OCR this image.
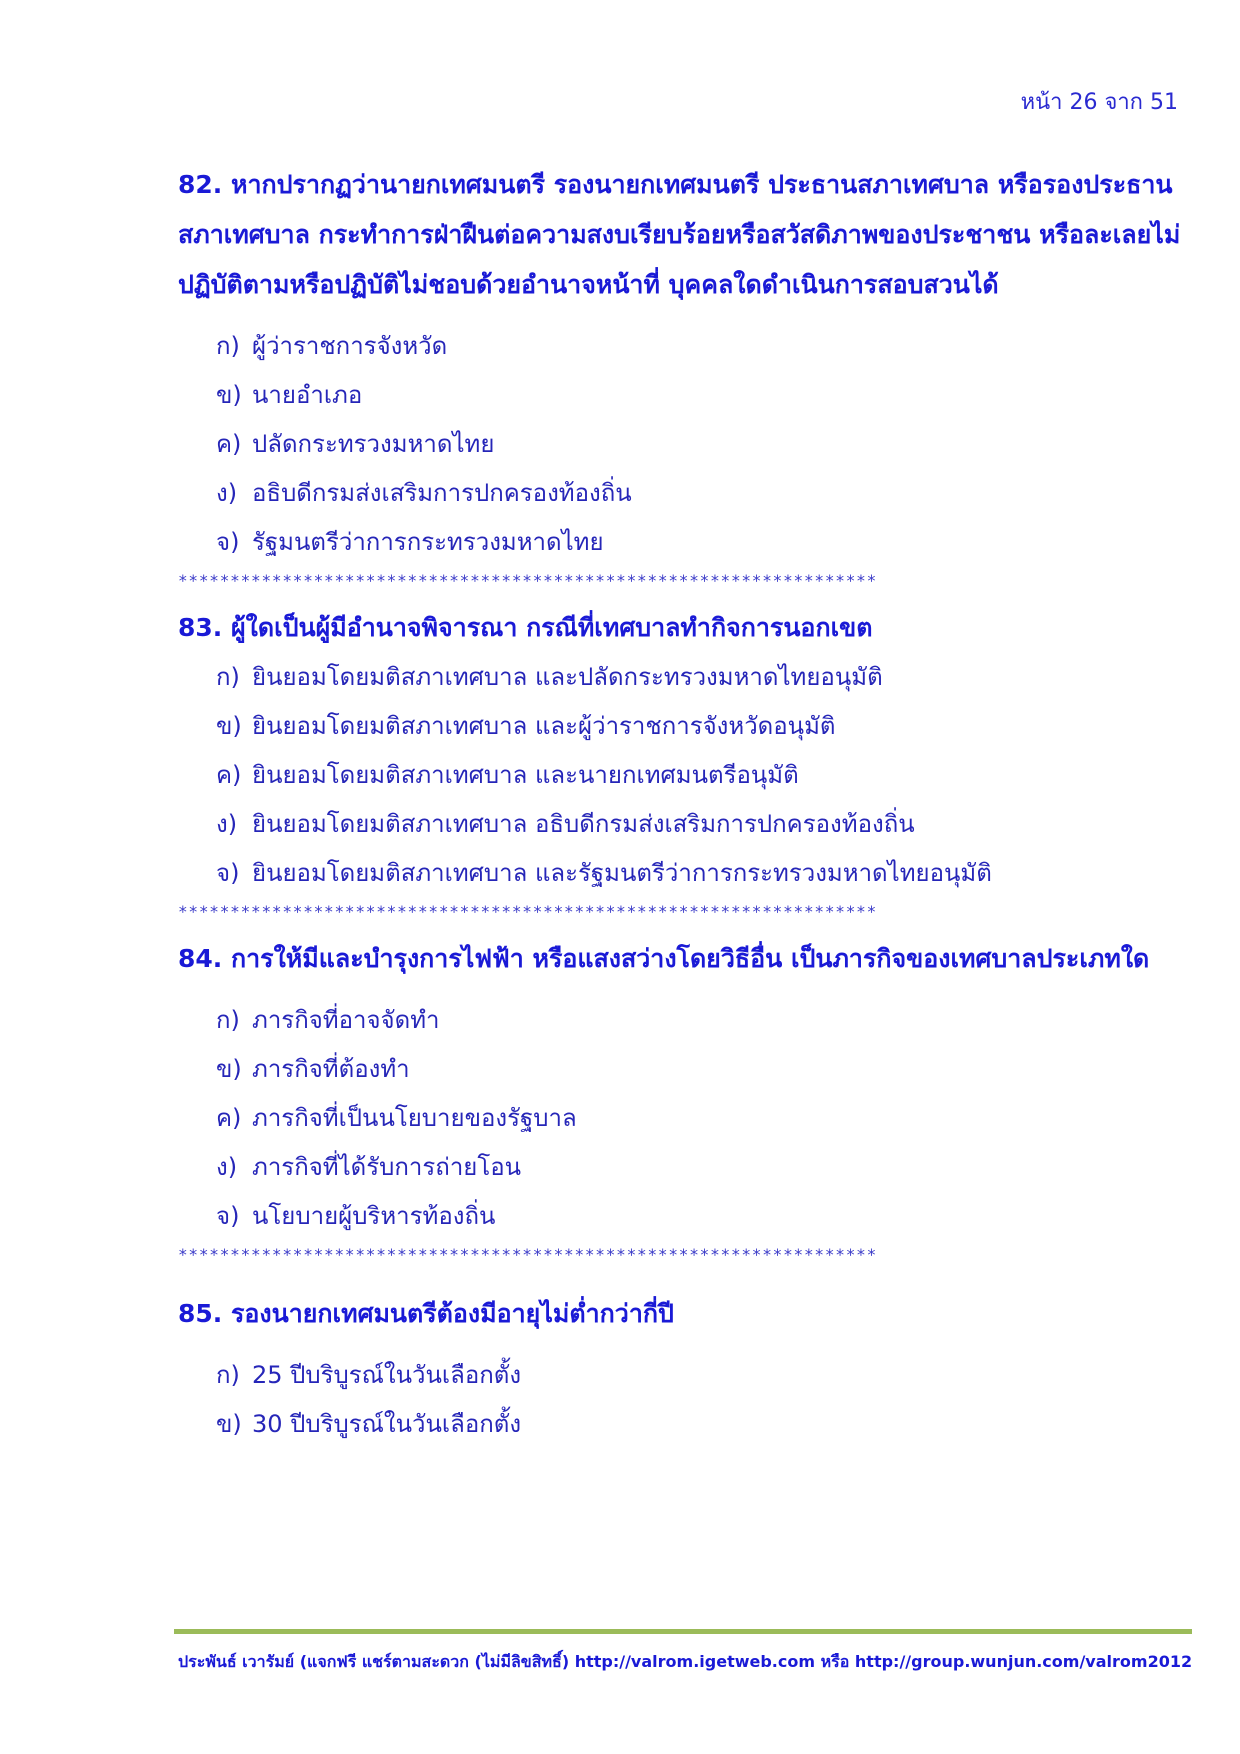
หน้า 26 จาก 51

82. หากปรากฏว่านายกเทศมนตรี รองนายกเทศมนตรี ประธานสภาเทศบาล หรือรองประธานสภาเทศบาล กระทำการฝ่าฝืนต่อความสงบเรียบร้อยหรือสวัสดิภาพของประชาชน หรือละเลยไม่ปฏิบัติตามหรือปฏิบัติไม่ชอบด้วยอำนาจหน้าที่ บุคคลใดดำเนินการสอบสวนได้

ก) ผู้ว่าราชการจังหวัด
ข) นายอำเภอ
ค) ปลัดกระทรวงมหาดไทย
ง) อธิบดีกรมส่งเสริมการปกครองท้องถิ่น
จ) รัฐมนตรีว่าการกระทรวงมหาดไทย
*******************************************************************

83. ผู้ใดเป็นผู้มีอำนาจพิจารณา กรณีที่เทศบาลทำกิจการนอกเขต

ก) ยินยอมโดยมติสภาเทศบาล และปลัดกระทรวงมหาดไทยอนุมัติ
ข) ยินยอมโดยมติสภาเทศบาล และผู้ว่าราชการจังหวัดอนุมัติ
ค) ยินยอมโดยมติสภาเทศบาล และนายกเทศมนตรีอนุมัติ
ง) ยินยอมโดยมติสภาเทศบาล อธิบดีกรมส่งเสริมการปกครองท้องถิ่น
จ) ยินยอมโดยมติสภาเทศบาล และรัฐมนตรีว่าการกระทรวงมหาดไทยอนุมัติ
*******************************************************************

84. การให้มีและบำรุงการไฟฟ้า หรือแสงสว่างโดยวิธีอื่น เป็นภารกิจของเทศบาลประเภทใด

ก) ภารกิจที่อาจจัดทำ
ข) ภารกิจที่ต้องทำ
ค) ภารกิจที่เป็นนโยบายของรัฐบาล
ง) ภารกิจที่ได้รับการถ่ายโอน
จ) นโยบายผู้บริหารท้องถิ่น
*******************************************************************

85. รองนายกเทศมนตรีต้องมีอายุไม่ต่ำกว่ากี่ปี

ก) 25 ปีบริบูรณ์ในวันเลือกตั้ง
ข) 30 ปีบริบูรณ์ในวันเลือกตั้ง
ประพันธ์ เวารัมย์ (แจกฟรี แชร์ตามสะดวก (ไม่มีลิขสิทธิ์) http://valrom.igetweb.com หรือ http://group.wunjun.com/valrom2012
